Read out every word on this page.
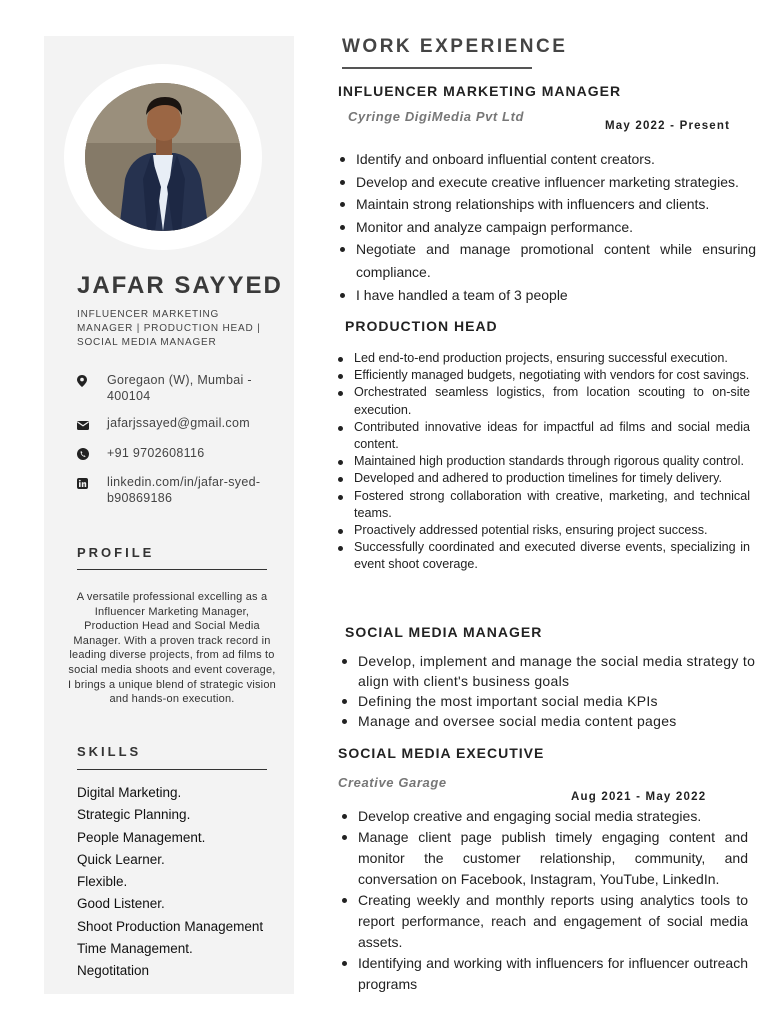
JAFAR SAYYED
INFLUENCER MARKETING MANAGER | PRODUCTION HEAD | SOCIAL MEDIA MANAGER
Goregaon (W), Mumbai - 400104
jafarjssayed@gmail.com
+91 9702608116
linkedin.com/in/jafar-syed-b90869186
PROFILE
A versatile professional excelling as a Influencer Marketing Manager, Production Head and Social Media Manager. With a proven track record in leading diverse projects, from ad films to social media shoots and event coverage, I brings a unique blend of strategic vision and hands-on execution.
SKILLS
Digital Marketing.
Strategic Planning.
People Management.
Quick Learner.
Flexible.
Good Listener.
Shoot Production Management
Time Management.
Negotitation
WORK EXPERIENCE
INFLUENCER MARKETING MANAGER
Cyringe DigiMedia Pvt Ltd
May 2022 - Present
Identify and onboard influential content creators.
Develop and execute creative influencer marketing strategies.
Maintain strong relationships with influencers and clients.
Monitor and analyze campaign performance.
Negotiate and manage promotional content while ensuring compliance.
I have handled a team of 3 people
PRODUCTION HEAD
Led end-to-end production projects, ensuring successful execution.
Efficiently managed budgets, negotiating with vendors for cost savings.
Orchestrated seamless logistics, from location scouting to on-site execution.
Contributed innovative ideas for impactful ad films and social media content.
Maintained high production standards through rigorous quality control.
Developed and adhered to production timelines for timely delivery.
Fostered strong collaboration with creative, marketing, and technical teams.
Proactively addressed potential risks, ensuring project success.
Successfully coordinated and executed diverse events, specializing in event shoot coverage.
SOCIAL MEDIA MANAGER
Develop, implement and manage the social media strategy to align with client's business goals
Defining the most important social media KPIs
Manage and oversee social media content pages
SOCIAL MEDIA EXECUTIVE
Creative Garage
Aug 2021 - May 2022
Develop creative and engaging social media strategies.
Manage client page publish timely engaging content and monitor the customer relationship, community, and conversation on Facebook, Instagram, YouTube, LinkedIn.
Creating weekly and monthly reports using analytics tools to report performance, reach and engagement of social media assets.
Identifying and working with influencers for influencer outreach programs
